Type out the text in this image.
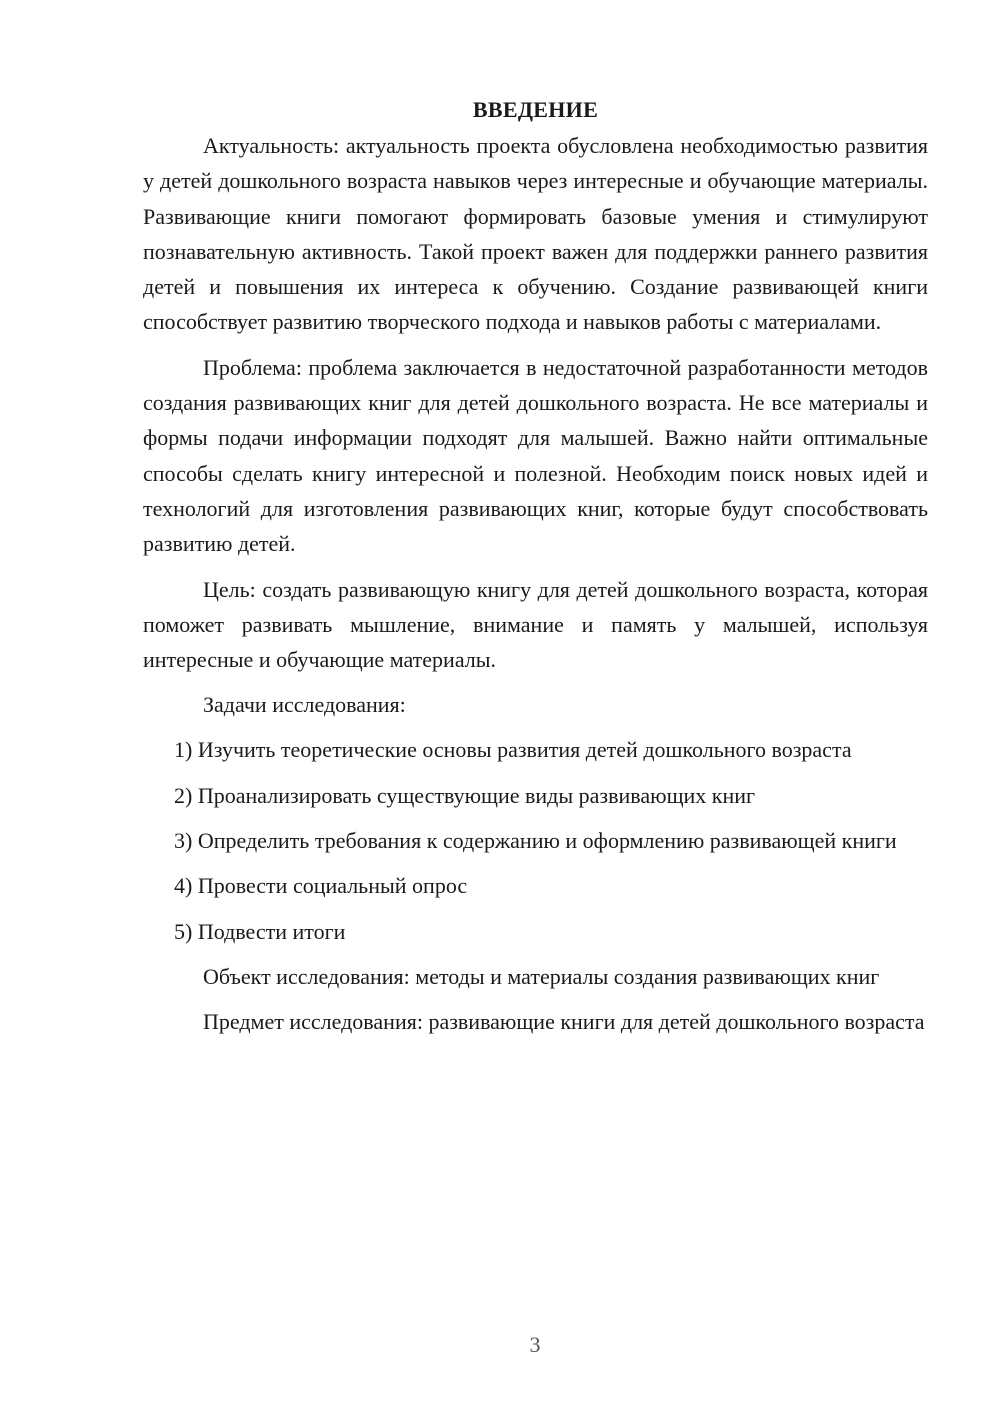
ВВЕДЕНИЕ

Актуальность: актуальность проекта обусловлена необходимостью развития у детей дошкольного возраста навыков через интересные и обучающие материалы. Развивающие книги помогают формировать базовые умения и стимулируют познавательную активность. Такой проект важен для поддержки раннего развития детей и повышения их интереса к обучению. Создание развивающей книги способствует развитию творческого подхода и навыков работы с материалами.

Проблема: проблема заключается в недостаточной разработанности методов создания развивающих книг для детей дошкольного возраста. Не все материалы и формы подачи информации подходят для малышей. Важно найти оптимальные способы сделать книгу интересной и полезной. Необходим поиск новых идей и технологий для изготовления развивающих книг, которые будут способствовать развитию детей.

Цель: создать развивающую книгу для детей дошкольного возраста, которая поможет развивать мышление, внимание и память у малышей, используя интересные и обучающие материалы.

Задачи исследования:

1) Изучить теоретические основы развития детей дошкольного возраста

2) Проанализировать существующие виды развивающих книг

3) Определить требования к содержанию и оформлению развивающей книги

4) Провести социальный опрос

5) Подвести итоги

Объект исследования: методы и материалы создания развивающих книг

Предмет исследования: развивающие книги для детей дошкольного возраста

3
